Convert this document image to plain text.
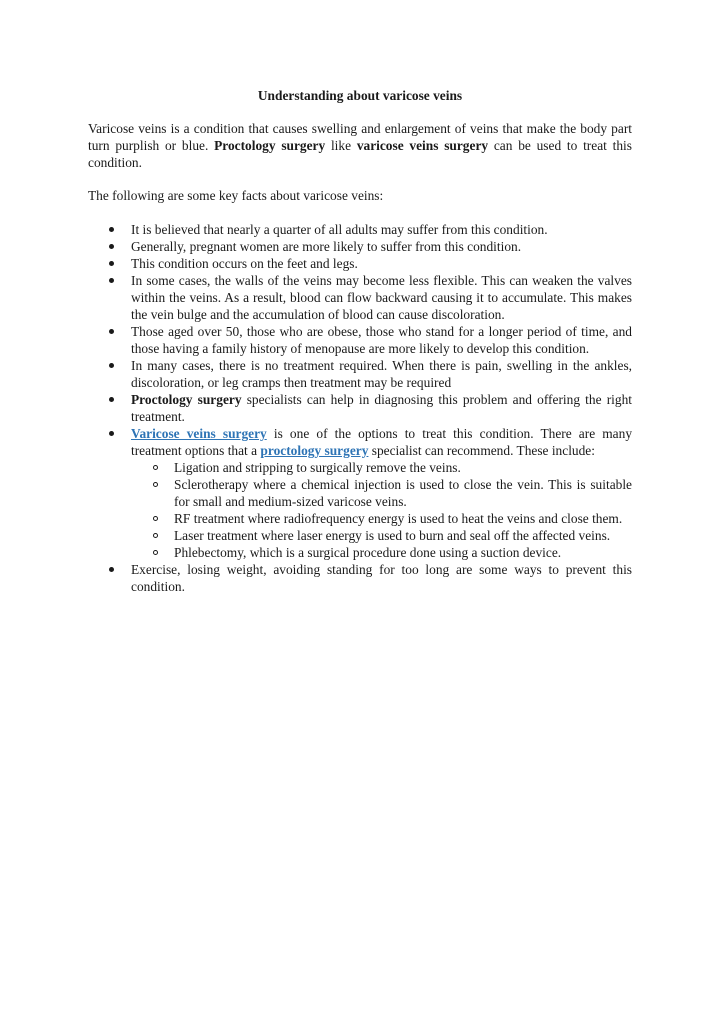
Understanding about varicose veins

Varicose veins is a condition that causes swelling and enlargement of veins that make the body part turn purplish or blue. Proctology surgery like varicose veins surgery can be used to treat this condition.

The following are some key facts about varicose veins:

It is believed that nearly a quarter of all adults may suffer from this condition.
Generally, pregnant women are more likely to suffer from this condition.
This condition occurs on the feet and legs.
In some cases, the walls of the veins may become less flexible. This can weaken the valves within the veins. As a result, blood can flow backward causing it to accumulate. This makes the vein bulge and the accumulation of blood can cause discoloration.
Those aged over 50, those who are obese, those who stand for a longer period of time, and those having a family history of menopause are more likely to develop this condition.
In many cases, there is no treatment required. When there is pain, swelling in the ankles, discoloration, or leg cramps then treatment may be required
Proctology surgery specialists can help in diagnosing this problem and offering the right treatment.
Varicose veins surgery is one of the options to treat this condition. There are many treatment options that a proctology surgery specialist can recommend. These include:
Ligation and stripping to surgically remove the veins.
Sclerotherapy where a chemical injection is used to close the vein. This is suitable for small and medium-sized varicose veins.
RF treatment where radiofrequency energy is used to heat the veins and close them.
Laser treatment where laser energy is used to burn and seal off the affected veins.
Phlebectomy, which is a surgical procedure done using a suction device.
Exercise, losing weight, avoiding standing for too long are some ways to prevent this condition.
